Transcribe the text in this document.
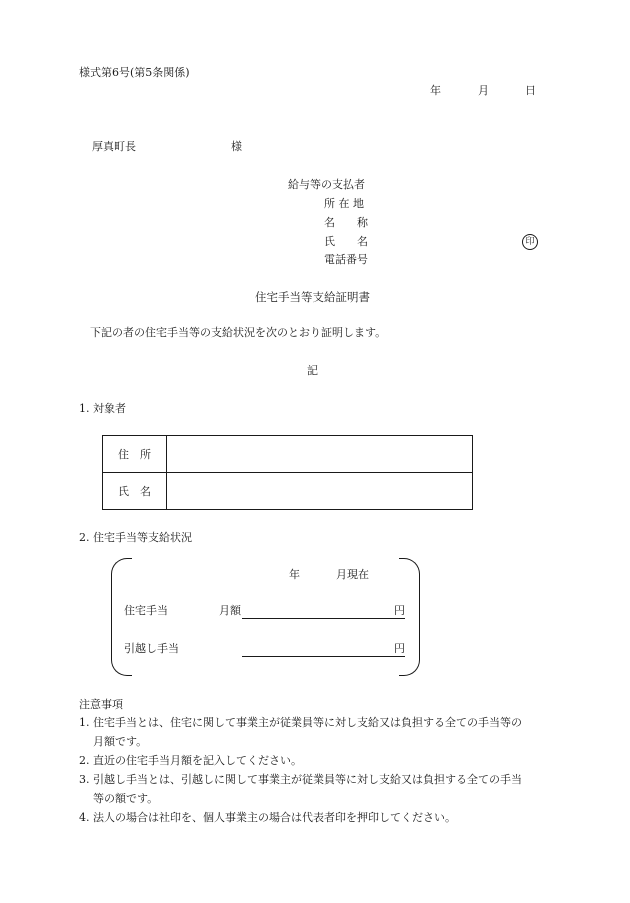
様式第6号(第5条関係)
年	月	日
厚真町長	様
給与等の支払者
所 在 地
名　　称
氏　　名	印
電話番号
住宅手当等支給証明書
下記の者の住宅手当等の支給状況を次のとおり証明します。
記
1. 対象者
住　所	
氏　名	
2. 住宅手当等支給状況
年	月現在
住宅手当	月額	円
引越し手当	円
注意事項
1. 住宅手当とは、住宅に関して事業主が従業員等に対し支給又は負担する全ての手当等の
月額です。
2. 直近の住宅手当月額を記入してください。
3. 引越し手当とは、引越しに関して事業主が従業員等に対し支給又は負担する全ての手当
等の額です。
4. 法人の場合は社印を、個人事業主の場合は代表者印を押印してください。
